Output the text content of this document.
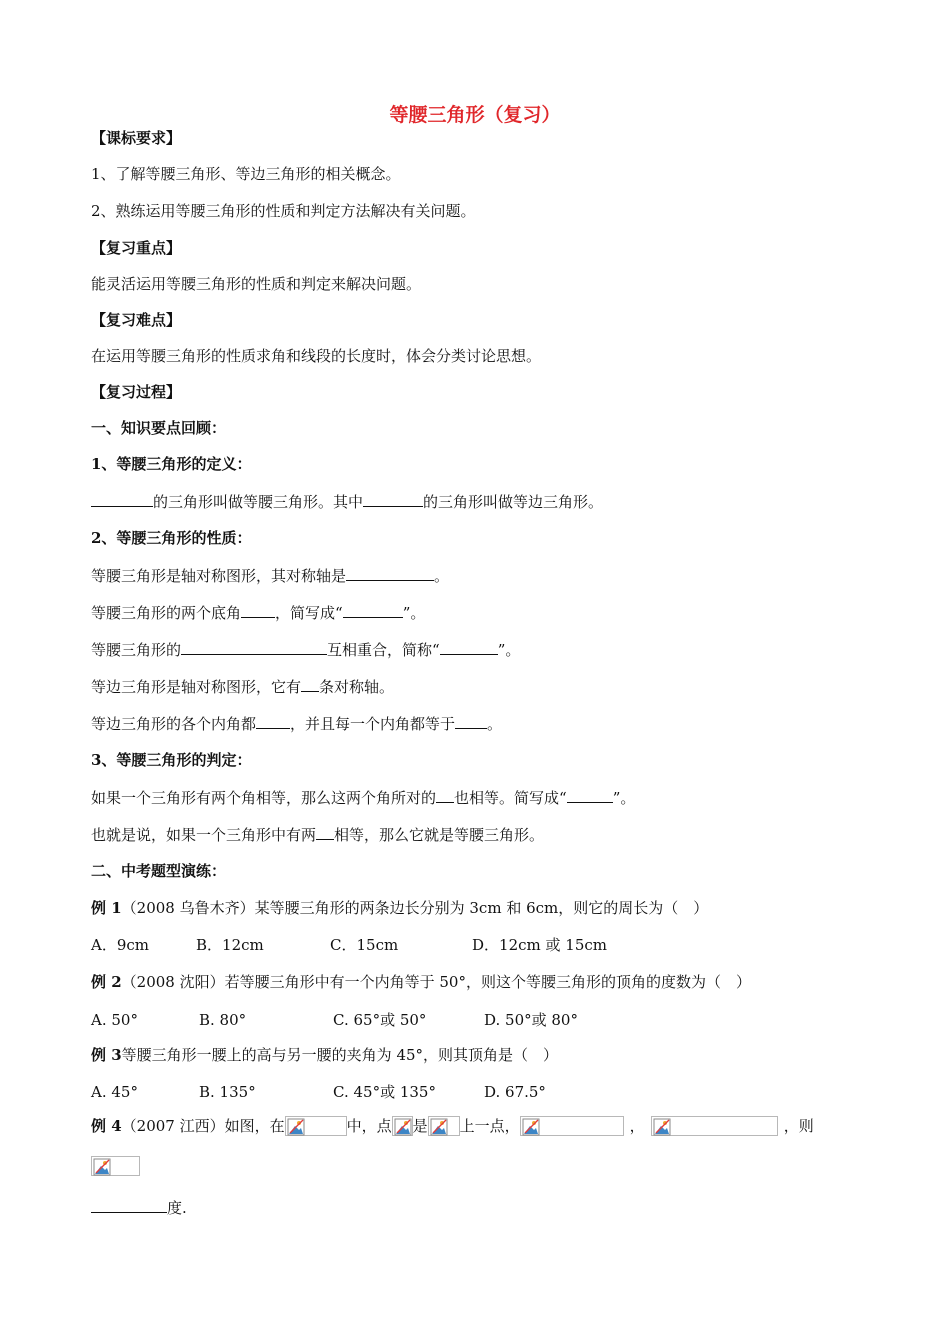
等腰三角形（复习）
【课标要求】
1、了解等腰三角形、等边三角形的相关概念。
2、熟练运用等腰三角形的性质和判定方法解决有关问题。
【复习重点】
能灵活运用等腰三角形的性质和判定来解决问题。
【复习难点】
在运用等腰三角形的性质求角和线段的长度时，体会分类讨论思想。
【复习过程】
一、知识要点回顾：
1、等腰三角形的定义：
的三角形叫做等腰三角形。其中	的三角形叫做等边三角形。
2、等腰三角形的性质：
等腰三角形是轴对称图形，其对称轴是	。
等腰三角形的两个底角 ，简写成“	”。
等腰三角形的	互相重合，简称“	”。
等边三角形是轴对称图形，它有 条对称轴。
等边三角形的各个内角都 ，并且每一个内角都等于 。
3、等腰三角形的判定：
如果一个三角形有两个角相等，那么这两个角所对的 也相等。简写成“	”。
也就是说，如果一个三角形中有两 相等，那么它就是等腰三角形。
二、中考题型演练：
例 1（2008 乌鲁木齐）某等腰三角形的两条边长分别为 3cm 和 6cm，则它的周长为（　）
A．9cm	B．12cm	C．15cm	D．12cm 或 15cm
例 2（2008 沈阳）若等腰三角形中有一个内角等于 50°，则这个等腰三角形的顶角的度数为（　）
A. 50°	B. 80°	C. 65°或 50°	D. 50°或 80°
例 3等腰三角形一腰上的高与另一腰的夹角为 45°，则其顶角是（　）
A. 45°	B. 135°	C. 45°或 135°	D. 67.5°
例 4（2007 江西）如图，在	中，点 是 上一点，	，	，则
度.
